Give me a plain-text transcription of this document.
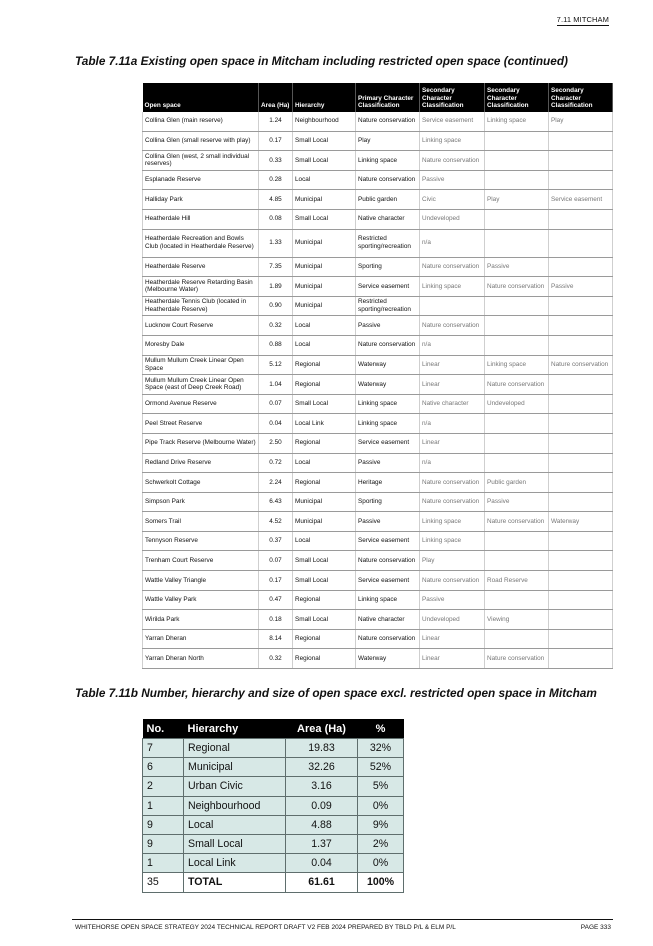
7.11 MITCHAM
Table 7.11a Existing open space in Mitcham including restricted open space (continued)
Open space	Area (Ha)	Hierarchy	Primary Character Classification	Secondary Character Classification	Secondary Character Classification	Secondary Character Classification
Collina Glen (main reserve)	1.24	Neighbourhood	Nature conservation	Service easement	Linking space	Play
Collina Glen (small reserve with play)	0.17	Small Local	Play	Linking space		
Collina Glen (west, 2 small individual reserves)	0.33	Small Local	Linking space	Nature conservation		
Esplanade Reserve	0.28	Local	Nature conservation	Passive		
Halliday Park	4.85	Municipal	Public garden	Civic	Play	Service easement
Heatherdale Hill	0.08	Small Local	Native character	Undeveloped		
Heatherdale Recreation and Bowls Club (located in Heatherdale Reserve)	1.33	Municipal	Restricted sporting/recreation	n/a		
Heatherdale Reserve	7.35	Municipal	Sporting	Nature conservation	Passive	
Heatherdale Reserve Retarding Basin (Melbourne Water)	1.89	Municipal	Service easement	Linking space	Nature conservation	Passive
Heatherdale Tennis Club (located in Heatherdale Reserve)	0.90	Municipal	Restricted sporting/recreation			
Lucknow Court Reserve	0.32	Local	Passive	Nature conservation		
Moresby Dale	0.88	Local	Nature conservation	n/a		
Mullum Mullum Creek Linear Open Space	5.12	Regional	Waterway	Linear	Linking space	Nature conservation
Mullum Mullum Creek Linear Open Space (east of Deep Creek Road)	1.04	Regional	Waterway	Linear	Nature conservation	
Ormond Avenue Reserve	0.07	Small Local	Linking space	Native character	Undeveloped	
Peel Street Reserve	0.04	Local Link	Linking space	n/a		
Pipe Track Reserve (Melbourne Water)	2.50	Regional	Service easement	Linear		
Redland Drive Reserve	0.72	Local	Passive	n/a		
Schwerkolt Cottage	2.24	Regional	Heritage	Nature conservation	Public garden	
Simpson Park	6.43	Municipal	Sporting	Nature conservation	Passive	
Somers Trail	4.52	Municipal	Passive	Linking space	Nature conservation	Waterway
Tennyson Reserve	0.37	Local	Service easement	Linking space		
Trenham Court Reserve	0.07	Small Local	Nature conservation	Play		
Wattle Valley Triangle	0.17	Small Local	Service easement	Nature conservation	Road Reserve	
Wattle Valley Park	0.47	Regional	Linking space	Passive		
Wirilda Park	0.18	Small Local	Native character	Undeveloped	Viewing	
Yarran Dheran	8.14	Regional	Nature conservation	Linear		
Yarran Dheran North	0.32	Regional	Waterway	Linear	Nature conservation	
Table 7.11b Number, hierarchy and size of open space excl. restricted open space in Mitcham
No.	Hierarchy	Area (Ha)	%
7	Regional	19.83	32%
6	Municipal	32.26	52%
2	Urban Civic	3.16	5%
1	Neighbourhood	0.09	0%
9	Local	4.88	9%
9	Small Local	1.37	2%
1	Local Link	0.04	0%
35	TOTAL	61.61	100%
WHITEHORSE OPEN SPACE STRATEGY 2024 TECHNICAL REPORT DRAFT V2 FEB 2024 PREPARED BY TBLD P/L & ELM P/L	PAGE 333
